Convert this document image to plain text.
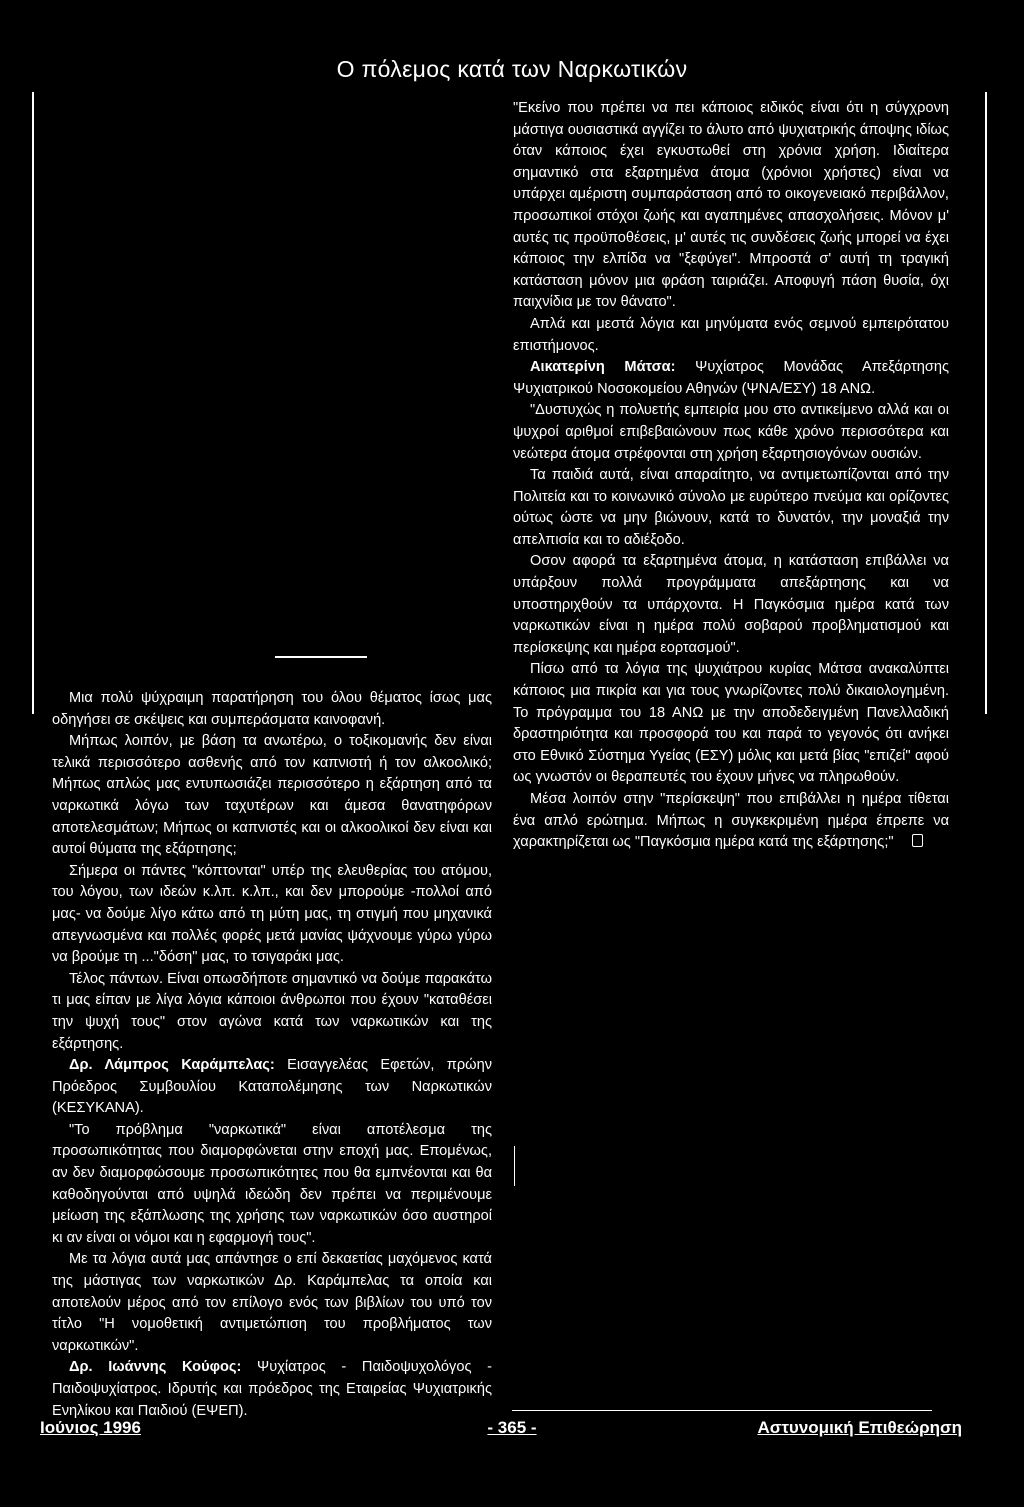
Ο πόλεμος κατά των Ναρκωτικών

Μια πολύ ψύχραιμη παρατήρηση του όλου θέματος ίσως μας οδηγήσει σε σκέψεις και συμπεράσματα καινοφανή.

Μήπως λοιπόν, με βάση τα ανωτέρω, ο τοξικομανής δεν είναι τελικά περισσότερο ασθενής από τον καπνιστή ή τον αλκοολικό; Μήπως απλώς μας εντυπωσιάζει περισσότερο η εξάρτηση από τα ναρκωτικά λόγω των ταχυτέρων και άμεσα θανατηφόρων αποτελεσμάτων; Μήπως οι καπνιστές και οι αλκοολικοί δεν είναι και αυτοί θύματα της εξάρτησης;

Σήμερα οι πάντες "κόπτονται" υπέρ της ελευθερίας του ατόμου, του λόγου, των ιδεών κ.λπ. κ.λπ., και δεν μπορούμε -πολλοί από μας- να δούμε λίγο κάτω από τη μύτη μας, τη στιγμή που μηχανικά απεγνωσμένα και πολλές φορές μετά μανίας ψάχνουμε γύρω γύρω να βρούμε τη ..."δόση" μας, το τσιγαράκι μας.

Τέλος πάντων. Είναι οπωσδήποτε σημαντικό να δούμε παρακάτω τι μας είπαν με λίγα λόγια κάποιοι άνθρωποι που έχουν "καταθέσει την ψυχή τους" στον αγώνα κατά των ναρκωτικών και της εξάρτησης.

Δρ. Λάμπρος Καράμπελας: Εισαγγελέας Εφετών, πρώην Πρόεδρος Συμβουλίου Καταπολέμησης των Ναρκωτικών (ΚΕΣΥΚΑΝΑ).

"Το πρόβλημα "ναρκωτικά" είναι αποτέλεσμα της προσωπικότητας που διαμορφώνεται στην εποχή μας. Επομένως, αν δεν διαμορφώσουμε προσωπικότητες που θα εμπνέονται και θα καθοδηγούνται από υψηλά ιδεώδη δεν πρέπει να περιμένουμε μείωση της εξάπλωσης της χρήσης των ναρκωτικών όσο αυστηροί κι αν είναι οι νόμοι και η εφαρμογή τους".

Με τα λόγια αυτά μας απάντησε ο επί δεκαετίας μαχόμενος κατά της μάστιγας των ναρκωτικών Δρ. Καράμπελας τα οποία και αποτελούν μέρος από τον επίλογο ενός των βιβλίων του υπό τον τίτλο "Η νομοθετική αντιμετώπιση του προβλήματος των ναρκωτικών".

Δρ. Ιωάννης Κούφος: Ψυχίατρος - Παιδοψυχολόγος - Παιδοψυχίατρος. Ιδρυτής και πρόεδρος της Εταιρείας Ψυχιατρικής Ενηλίκου και Παιδιού (ΕΨΕΠ).

"Εκείνο που πρέπει να πει κάποιος ειδικός είναι ότι η σύγχρονη μάστιγα ουσιαστικά αγγίζει το άλυτο από ψυχιατρικής άποψης ιδίως όταν κάποιος έχει εγκυστωθεί στη χρόνια χρήση. Ιδιαίτερα σημαντικό στα εξαρτημένα άτομα (χρόνιοι χρήστες) είναι να υπάρχει αμέριστη συμπαράσταση από το οικογενειακό περιβάλλον, προσωπικοί στόχοι ζωής και αγαπημένες απασχολήσεις. Μόνον μ' αυτές τις προϋποθέσεις, μ' αυτές τις συνδέσεις ζωής μπορεί να έχει κάποιος την ελπίδα να "ξεφύγει". Μπροστά σ' αυτή τη τραγική κατάσταση μόνον μια φράση ταιριάζει. Αποφυγή πάση θυσία, όχι παιχνίδια με τον θάνατο".

Απλά και μεστά λόγια και μηνύματα ενός σεμνού εμπειρότατου επιστήμονος.

Αικατερίνη Μάτσα: Ψυχίατρος Μονάδας Απεξάρτησης Ψυχιατρικού Νοσοκομείου Αθηνών (ΨΝΑ/ΕΣΥ) 18 ΑΝΩ.

"Δυστυχώς η πολυετής εμπειρία μου στο αντικείμενο αλλά και οι ψυχροί αριθμοί επιβεβαιώνουν πως κάθε χρόνο περισσότερα και νεώτερα άτομα στρέφονται στη χρήση εξαρτησιογόνων ουσιών.

Τα παιδιά αυτά, είναι απαραίτητο, να αντιμετωπίζονται από την Πολιτεία και το κοινωνικό σύνολο με ευρύτερο πνεύμα και ορίζοντες ούτως ώστε να μην βιώνουν, κατά το δυνατόν, την μοναξιά την απελπισία και το αδιέξοδο.

Οσον αφορά τα εξαρτημένα άτομα, η κατάσταση επιβάλλει να υπάρξουν πολλά προγράμματα απεξάρτησης και να υποστηριχθούν τα υπάρχοντα. Η Παγκόσμια ημέρα κατά των ναρκωτικών είναι η ημέρα πολύ σοβαρού προβληματισμού και περίσκεψης και ημέρα εορτασμού".

Πίσω από τα λόγια της ψυχιάτρου κυρίας Μάτσα ανακαλύπτει κάποιος μια πικρία και για τους γνωρίζοντες πολύ δικαιολογημένη. Το πρόγραμμα του 18 ΑΝΩ με την αποδεδειγμένη Πανελλαδική δραστηριότητα και προσφορά του και παρά το γεγονός ότι ανήκει στο Εθνικό Σύστημα Υγείας (ΕΣΥ) μόλις και μετά βίας "επιζεί" αφού ως γνωστόν οι θεραπευτές του έχουν μήνες να πληρωθούν.

Μέσα λοιπόν στην "περίσκεψη" που επιβάλλει η ημέρα τίθεται ένα απλό ερώτημα. Μήπως η συγκεκριμένη ημέρα έπρεπε να χαρακτηρίζεται ως "Παγκόσμια ημέρα κατά της εξάρτησης;"

Ιούνιος 1996	- 365 -	Αστυνομική Επιθεώρηση
